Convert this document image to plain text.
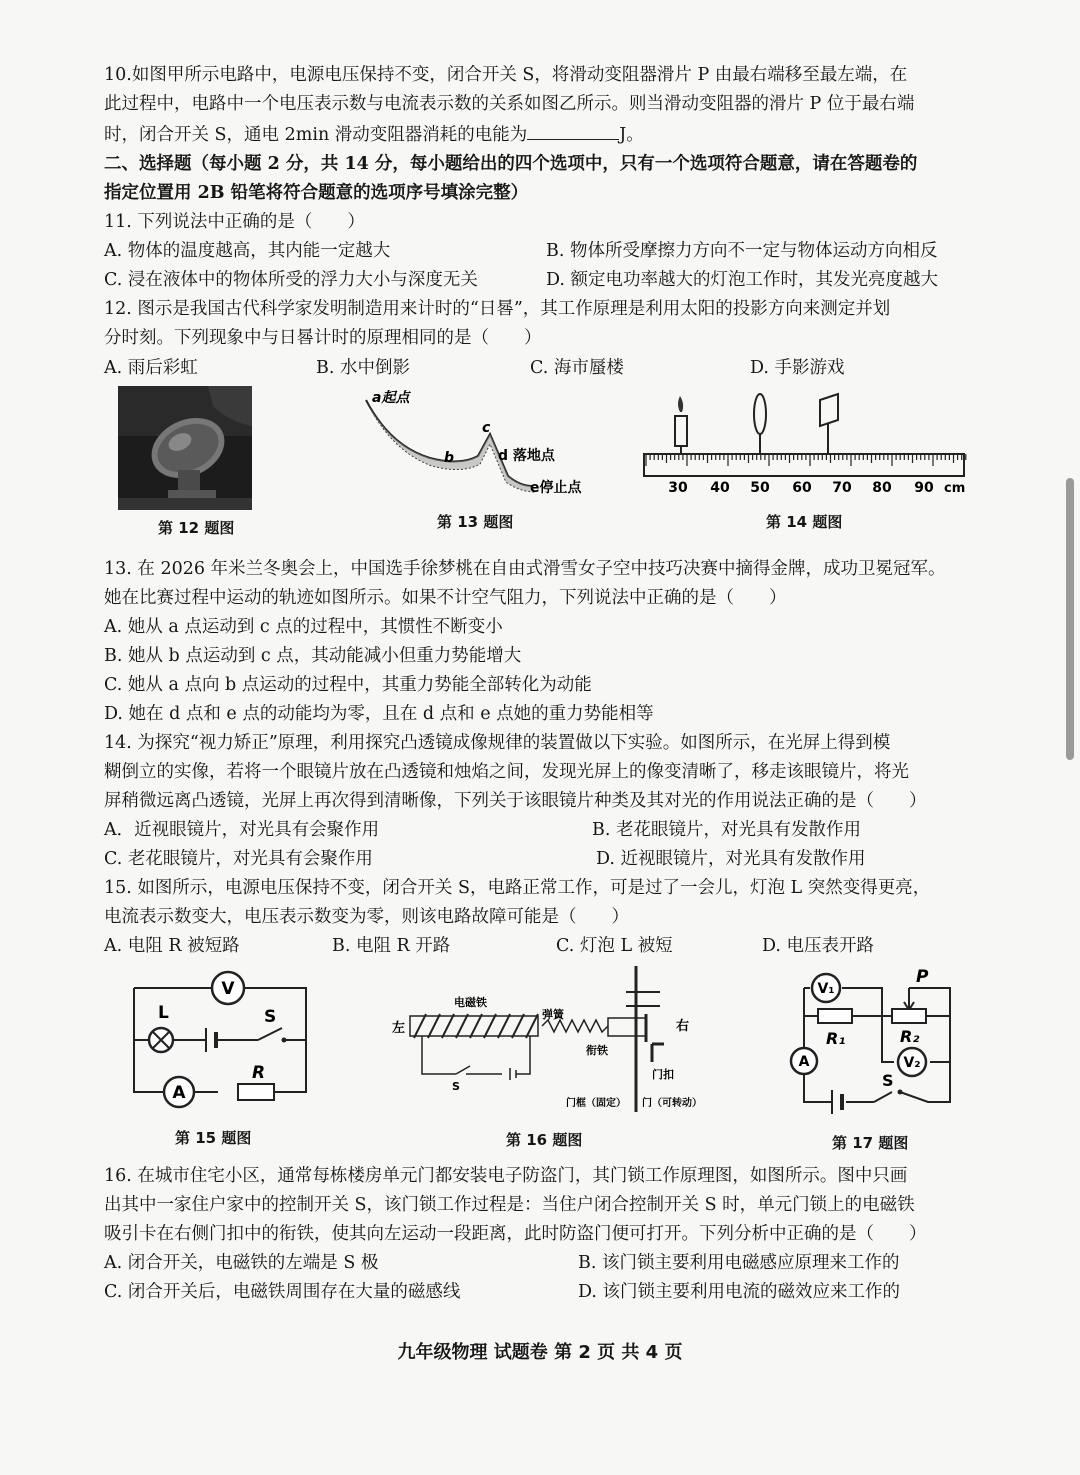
10.如图甲所示电路中，电源电压保持不变，闭合开关 S，将滑动变阻器滑片 P 由最右端移至最左端，在
此过程中，电路中一个电压表示数与电流表示数的关系如图乙所示。则当滑动变阻器的滑片 P 位于最右端
时，闭合开关 S，通电 2min 滑动变阻器消耗的电能为	J。
二、选择题（每小题 2 分，共 14 分，每小题给出的四个选项中，只有一个选项符合题意，请在答题卷的
指定位置用 2B 铅笔将符合题意的选项序号填涂完整）
11. 下列说法中正确的是（　　）
A. 物体的温度越高，其内能一定越大	B. 物体所受摩擦力方向不一定与物体运动方向相反
C. 浸在液体中的物体所受的浮力大小与深度无关	D. 额定电功率越大的灯泡工作时，其发光亮度越大
12. 图示是我国古代科学家发明制造用来计时的“日晷”，其工作原理是利用太阳的投影方向来测定并划
分时刻。下列现象中与日晷计时的原理相同的是（　　）
A. 雨后彩虹	B. 水中倒影	C. 海市蜃楼	D. 手影游戏
第 12 题图
a起点
b
c
d 落地点
e停止点
第 13 题图
30 40 50 60 70 80 90 cm
第 14 题图
13. 在 2026 年米兰冬奥会上，中国选手徐梦桃在自由式滑雪女子空中技巧决赛中摘得金牌，成功卫冕冠军。
她在比赛过程中运动的轨迹如图所示。如果不计空气阻力，下列说法中正确的是（　　）
A. 她从 a 点运动到 c 点的过程中，其惯性不断变小
B. 她从 b 点运动到 c 点，其动能减小但重力势能增大
C. 她从 a 点向 b 点运动的过程中，其重力势能全部转化为动能
D. 她在 d 点和 e 点的动能均为零，且在 d 点和 e 点她的重力势能相等
14. 为探究“视力矫正”原理，利用探究凸透镜成像规律的装置做以下实验。如图所示，在光屏上得到模
糊倒立的实像，若将一个眼镜片放在凸透镜和烛焰之间，发现光屏上的像变清晰了，移走该眼镜片，将光
屏稍微远离凸透镜，光屏上再次得到清晰像，下列关于该眼镜片种类及其对光的作用说法正确的是（　　）
A．近视眼镜片，对光具有会聚作用	B. 老花眼镜片，对光具有发散作用
C. 老花眼镜片，对光具有会聚作用	D. 近视眼镜片，对光具有发散作用
15. 如图所示，电源电压保持不变，闭合开关 S，电路正常工作，可是过了一会儿，灯泡 L 突然变得更亮，
电流表示数变大，电压表示数变为零，则该电路故障可能是（　　）
A. 电阻 R 被短路	B. 电阻 R 开路	C. 灯泡 L 被短	D. 电压表开路
V
L	S
A
R
第 15 题图
左
电磁铁
S
弹簧
衔铁
门扣
右
门框（固定） 门（可转动）
第 16 题图
V₁
P
R₁	R₂
V₂
A
S
第 17 题图
16. 在城市住宅小区，通常每栋楼房单元门都安装电子防盗门，其门锁工作原理图，如图所示。图中只画
出其中一家住户家中的控制开关 S，该门锁工作过程是：当住户闭合控制开关 S 时，单元门锁上的电磁铁
吸引卡在右侧门扣中的衔铁，使其向左运动一段距离，此时防盗门便可打开。下列分析中正确的是（　　）
A. 闭合开关，电磁铁的左端是 S 极	B. 该门锁主要利用电磁感应原理来工作的
C. 闭合开关后，电磁铁周围存在大量的磁感线	D. 该门锁主要利用电流的磁效应来工作的
九年级物理 试题卷 第 2 页 共 4 页
